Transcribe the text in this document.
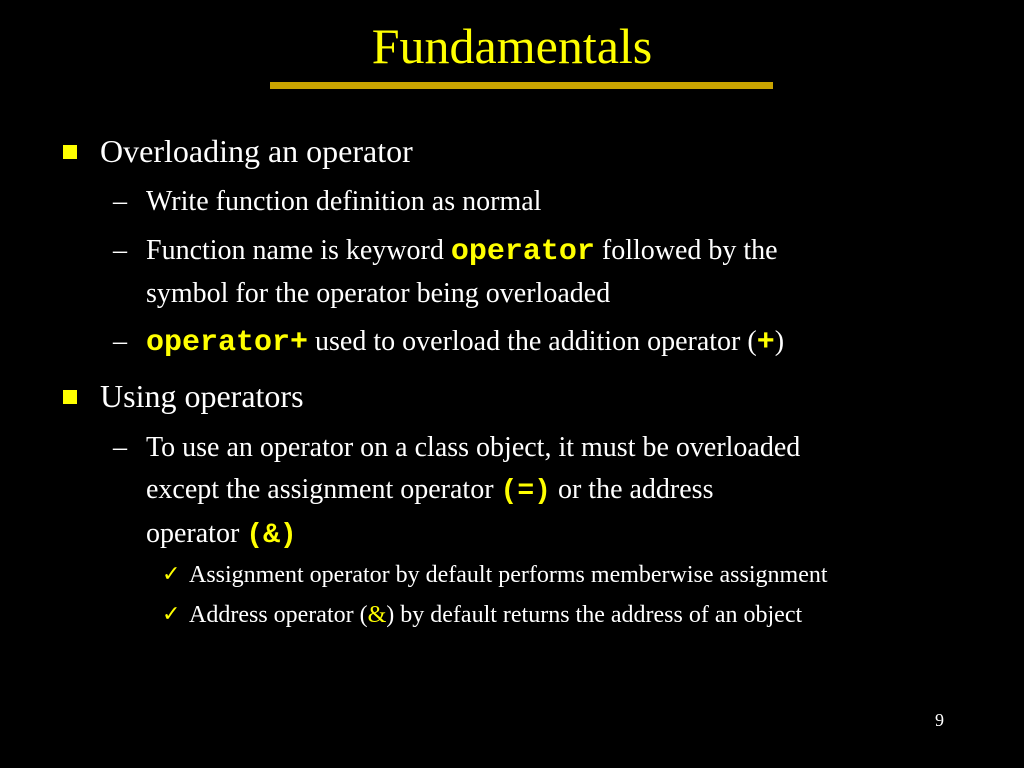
Fundamentals
Overloading an operator
– Write function definition as normal
– Function name is keyword operator followed by the
symbol for the operator being overloaded
– operator+ used to overload the addition operator (+)
Using operators
– To use an operator on a class object, it must be overloaded
except the assignment operator (=) or the address
operator (&)
✓ Assignment operator by default performs memberwise assignment
✓ Address operator (&) by default returns the address of an object
9
